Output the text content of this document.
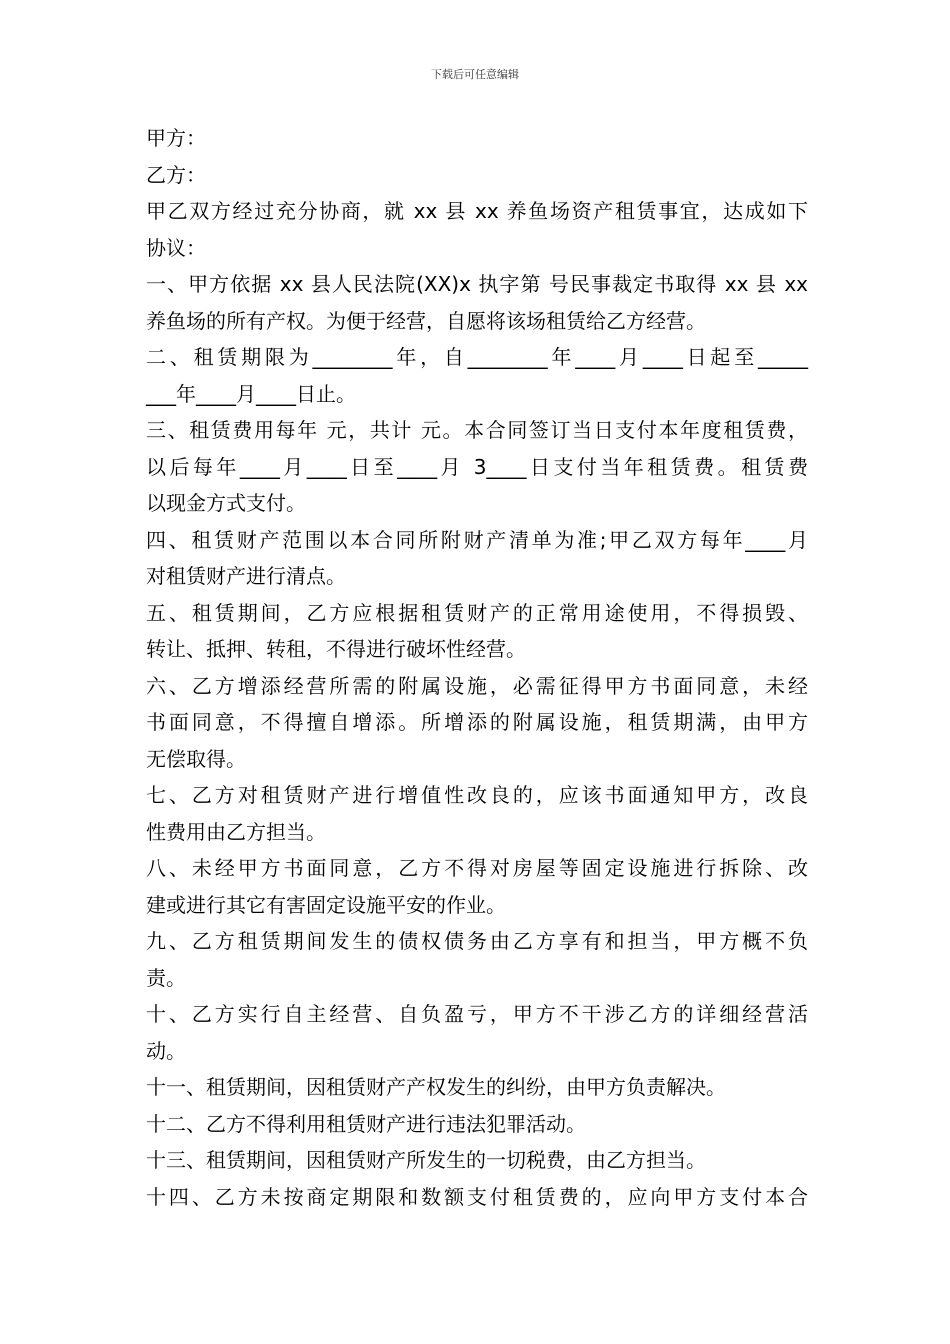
下载后可任意编辑
甲方：
乙方：
甲乙双方经过充分协商，就 xx 县 xx 养鱼场资产租赁事宜，达成如下
协议：
一、甲方依据 xx 县人民法院(XX)x 执字第 号民事裁定书取得 xx 县 xx
养鱼场的所有产权。为便于经营，自愿将该场租赁给乙方经营。
二、租赁期限为________年，自________年____月____日起至_____
___年____月____日止。
三、租赁费用每年 元，共计 元。本合同签订当日支付本年度租赁费，
以后每年____月____日至____月 3____日支付当年租赁费。租赁费
以现金方式支付。
四、租赁财产范围以本合同所附财产清单为准;甲乙双方每年____月
对租赁财产进行清点。
五、租赁期间，乙方应根据租赁财产的正常用途使用，不得损毁、
转让、抵押、转租，不得进行破坏性经营。
六、乙方增添经营所需的附属设施，必需征得甲方书面同意，未经
书面同意，不得擅自增添。所增添的附属设施，租赁期满，由甲方
无偿取得。
七、乙方对租赁财产进行增值性改良的，应该书面通知甲方，改良
性费用由乙方担当。
八、未经甲方书面同意，乙方不得对房屋等固定设施进行拆除、改
建或进行其它有害固定设施平安的作业。
九、乙方租赁期间发生的债权债务由乙方享有和担当，甲方概不负
责。
十、乙方实行自主经营、自负盈亏，甲方不干涉乙方的详细经营活
动。
十一、租赁期间，因租赁财产产权发生的纠纷，由甲方负责解决。
十二、乙方不得利用租赁财产进行违法犯罪活动。
十三、租赁期间，因租赁财产所发生的一切税费，由乙方担当。
十四、乙方未按商定期限和数额支付租赁费的，应向甲方支付本合
